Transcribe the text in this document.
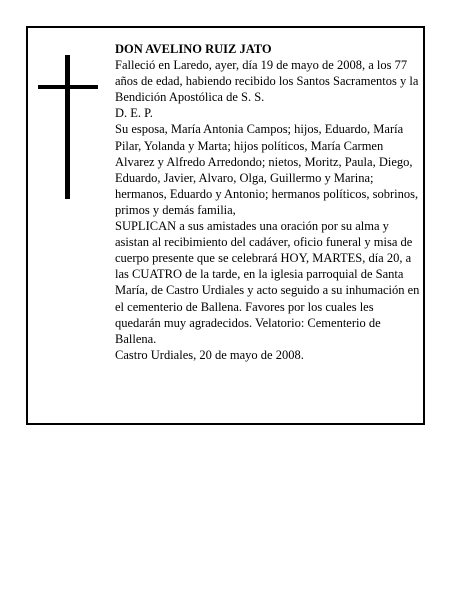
DON AVELINO RUIZ JATO

Falleció en Laredo, ayer, día 19 de mayo de 2008, a los 77 años de edad, habiendo recibido los Santos Sacramentos y la Bendición Apostólica de S. S.

D. E. P.

Su esposa, María Antonia Campos; hijos, Eduardo, María Pilar, Yolanda y Marta; hijos políticos, María Carmen Alvarez y Alfredo Arredondo; nietos, Moritz, Paula, Diego, Eduardo, Javier, Alvaro, Olga, Guillermo y Marina; hermanos, Eduardo y Antonio; hermanos políticos, sobrinos, primos y demás familia,

SUPLICAN a sus amistades una oración por su alma y asistan al recibimiento del cadáver, oficio funeral y misa de cuerpo presente que se celebrará HOY, MARTES, día 20, a las CUATRO de la tarde, en la iglesia parroquial de Santa María, de Castro Urdiales y acto seguido a su inhumación en el cementerio de Ballena. Favores por los cuales les quedarán muy agradecidos. Velatorio: Cementerio de Ballena.

Castro Urdiales, 20 de mayo de 2008.
